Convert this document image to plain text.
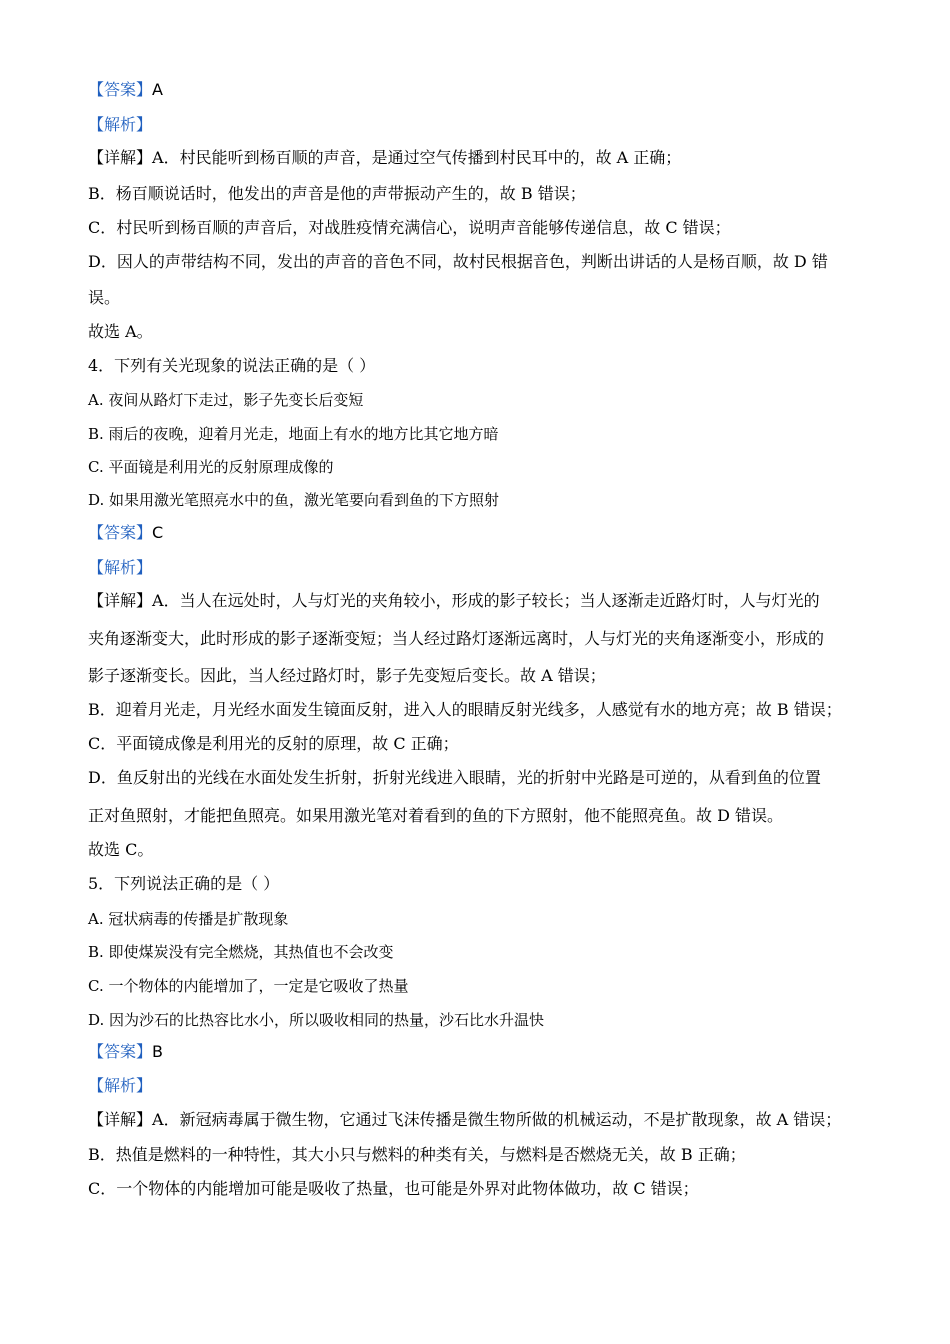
【答案】A
【解析】
【详解】A．村民能听到杨百顺的声音，是通过空气传播到村民耳中的，故 A 正确；
B．杨百顺说话时，他发出的声音是他的声带振动产生的，故 B 错误；
C．村民听到杨百顺的声音后，对战胜疫情充满信心，说明声音能够传递信息，故 C 错误；
D．因人的声带结构不同，发出的声音的音色不同，故村民根据音色，判断出讲话的人是杨百顺，故 D 错
误。
故选 A。
4．下列有关光现象的说法正确的是（ ）
A. 夜间从路灯下走过，影子先变长后变短
B. 雨后的夜晚，迎着月光走，地面上有水的地方比其它地方暗
C. 平面镜是利用光的反射原理成像的
D. 如果用激光笔照亮水中的鱼，激光笔要向看到鱼的下方照射
【答案】C
【解析】
【详解】A．当人在远处时，人与灯光的夹角较小，形成的影子较长；当人逐渐走近路灯时，人与灯光的
夹角逐渐变大，此时形成的影子逐渐变短；当人经过路灯逐渐远离时，人与灯光的夹角逐渐变小，形成的
影子逐渐变长。因此，当人经过路灯时，影子先变短后变长。故 A 错误；
B．迎着月光走，月光经水面发生镜面反射，进入人的眼睛反射光线多，人感觉有水的地方亮；故 B 错误；
C．平面镜成像是利用光的反射的原理，故 C 正确；
D．鱼反射出的光线在水面处发生折射，折射光线进入眼睛，光的折射中光路是可逆的，从看到鱼的位置
正对鱼照射，才能把鱼照亮。如果用激光笔对着看到的鱼的下方照射，他不能照亮鱼。故 D 错误。
故选 C。
5．下列说法正确的是（ ）
A. 冠状病毒的传播是扩散现象
B. 即使煤炭没有完全燃烧，其热值也不会改变
C. 一个物体的内能增加了，一定是它吸收了热量
D. 因为沙石的比热容比水小，所以吸收相同的热量，沙石比水升温快
【答案】B
【解析】
【详解】A．新冠病毒属于微生物，它通过飞沫传播是微生物所做的机械运动，不是扩散现象，故 A 错误；
B．热值是燃料的一种特性，其大小只与燃料的种类有关，与燃料是否燃烧无关，故 B 正确；
C．一个物体的内能增加可能是吸收了热量，也可能是外界对此物体做功，故 C 错误；
